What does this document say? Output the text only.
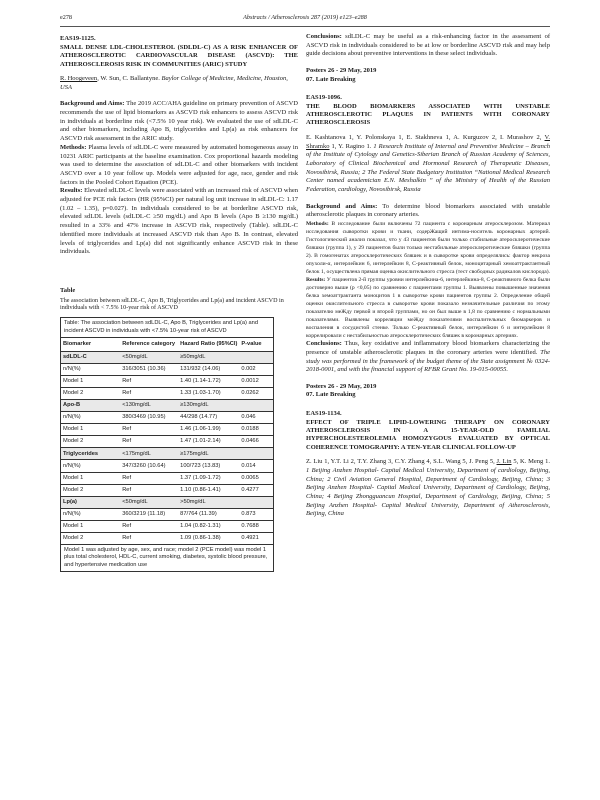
e278	Abstracts / Atherosclerosis 287 (2019) e123–e288
EAS19-1125.
SMALL DENSE LDL-CHOLESTEROL (SDLDL-C) AS A RISK ENHANCER OF ATHEROSCLEROTIC CARDIOVASCULAR DISEASE (ASCVD): THE ATHEROSCLEROSIS RISK IN COMMUNITIES (ARIC) STUDY
R. Hoogeveen, W. Sun, C. Ballantyne. Baylor College of Medicine, Medicine, Houston, USA

Background and Aims: The 2019 ACC/AHA guideline on primary prevention of ASCVD recommends the use of lipid biomarkers as ASCVD risk enhancers to assess ASCVD risk in individuals at borderline risk (<7.5% 10 year risk). We evaluated the use of sdLDL-C and other biomarkers, including Apo B, triglycerides and Lp(a) as risk enhancers for ASCVD risk assessment in the ARIC study.

Methods: Plasma levels of sdLDL-C were measured by automated homogeneous assay in 10231 ARIC participants at the baseline examination. Cox proportional hazards modeling was used to determine the association of sdLDL-C and other biomarkers with incident ASCVD over a 10 year follow up. Models were adjusted for age, race, gender and risk factors in the Pooled Cohort Equation (PCE).

Results: Elevated sdLDL-C levels were associated with an increased risk of ASCVD when adjusted for PCE risk factors (HR (95%CI) per natural log unit increase in sdLDL-C: 1.17 (1.02 – 1.35), p=0.027). In individuals considered to be at borderline ASCVD risk, elevated sdLDL levels (sdLDL-C ≥50 mg/dL) and Apo B levels (Apo B ≥130 mg/dL) resulted in a 33% and 47% increase in ASCVD risk, respectively (Table). sdLDL-C identified more individuals at increased ASCVD risk than Apo B. In contrast, elevated levels of triglycerides and Lp(a) did not significantly enhance ASCVD risk in these individuals.

Table
The association between sdLDL-C, Apo B, Triglycerides and Lp(a) and incident ASCVD in individuals with < 7.5% 10-year risk of ASCVD
Table: The association between sdLDL-C, Apo B, Triglycerides and Lp(a) and incident ASCVD in individuals with <7.5% 10-year risk of ASCVD
Biomarker	Reference category	Hazard Ratio (95%CI)	P-value
sdLDL-C	<50mg/dL	≥50mg/dL	
n/N(%)	316/3051 (10.36)	131/932 (14.06)	0.002
Model 1	Ref	1.40 (1.14-1.72)	0.0012
Model 2	Ref	1.33 (1.03-1.70)	0.0262
Apo-B	<130mg/dL	≥130mg/dL	
n/N(%)	380/3469 (10.95)	44/298 (14.77)	0.046
Model 1	Ref	1.46 (1.06-1.99)	0.0188
Model 2	Ref	1.47 (1.01-2.14)	0.0466
Triglycerides	<175mg/dL	≥175mg/dL	
n/N(%)	347/3260 (10.64)	100/723 (13.83)	0.014
Model 1	Ref	1.37 (1.09-1.72)	0.0065
Model 2	Ref	1.10 (0.86-1.41)	0.4277
Lp(a)	<50mg/dL	>50mg/dL	
n/N(%)	360/3219 (11.18)	87/764 (11.39)	0.873
Model 1	Ref	1.04 (0.82-1.31)	0.7688
Model 2	Ref	1.09 (0.86-1.38)	0.4921
Model 1 was adjusted by age, sex, and race; model 2 (PCE model) was model 1 plus total cholesterol, HDL-C, current smoking, diabetes, systolic blood pressure, and hypertensive medication use

Conclusions: sdLDL-C may be useful as a risk-enhancing factor in the assessment of ASCVD risk in individuals considered to be at low or borderline ASCVD risk and may help guide decisions about preventive interventions in these select individuals.

Posters 26 - 29 May, 2019
07. Late Breaking
EAS19-1096.
THE BLOOD BIOMARKERS ASSOCIATED WITH UNSTABLE ATHEROSCLEROTIC PLAQUES IN PATIENTS WITH CORONARY ATHEROSCLEROSIS
E. Kashtanova 1, Y. Polonskaya 1, E. Stakhneva 1, A. Kurguzov 2, I. Murashov 2, V. Shramko 1, Y. Ragino 1. 1 Research Institute of Internal and Preventive Medicine – Branch of the Institute of Cytology and Genetics-Siberian Branch of Russian Academy of Sciences, Laboratory of Clinical Biochemical and Hormonal Research of Therapeutic Diseases, Novosibirsk, Russia; 2 The Federal State Budgetary Institution “National Medical Research Center named academician E.N. Meshalkin ” of the Ministry of Health of the Russian Federation, cardiology, Novosibirsk, Russia

Background and Aims: To determine blood biomarkers associated with unstable atherosclerotic plaques in coronary arteries.

Methods: В исследование были включены 72 пациента с коронарным атеросклерозом. Материал исследования сыворотки крови и ткани, содерЖащий интима-носитель коронарных артерий. Гистологический анализ показал, что у 43 пациентов были только стабильные атеросклеротические бляшки (группа 1), у 29 пациентов были только нестабильные атеросклеротические бляшки (группа 2). В гомогенатах атеросклеротических бляшек и в сыворотке крови определялись: фактор некроза опухоли-α, интерлейкин 6, интерлейкин 8, С-реактивный белок, моноцитарный хемоаттрактантный белок 1, осуществлена прямая оценка окислительного стресса (тест свободных радикалов кислорода).

Results: У пациентов 2-й группы уровни интерлейкина-6, интерлейкина-8, С-реактивного белка были достоверно выше (p <0,05) по сравнению с пациентами группы 1. Выявлены повышенные значения белка хемоаттрактанта моноцитов 1 в сыворотке крови пациентов группы 2. Определение общей оценки окислительного стресса в сыворотке крови показало незначительные различия по этому показателю меЖду первой и второй группами, но он был выше в 1,8 по сравнению с нормальными показателями. Выявлены корреляции меЖду показателями воспалительных биомаркеров и воспаления в сосудистой стенке. Только С-реактивный белок, интерлейкин 6 и интерлейкин 8 коррелировали с нестабильностью атеросклеротических бляшек в коронарных артериях.

Conclusions: Thus, key oxidative and inflammatory blood biomarkers characterizing the presence of unstable atherosclerotic plaques in the coronary arteries were identified. The study was performed in the framework of the budget theme of the State assignment № 0324-2018-0001, and with the financial support of RFBR Grant No. 19-015-00055.

Posters 26 - 29 May, 2019
07. Late Breaking
EAS19-1134.
EFFECT OF TRIPLE LIPID-LOWERING THERAPY ON CORONARY ATHEROSCLEROSIS IN A 15-YEAR-OLD FAMILIAL HYPERCHOLESTEROLEMIA HOMOZYGOUS EVALUATED BY OPTICAL COHERENCE TOMOGRAPHY: A TEN-YEAR CLINICAL FOLLOW-UP
Z. Liu 1, Y.T. Li 2, T.Y. Zhang 3, C.Y. Zhang 4, S.L. Wang 5, J. Peng 5, J. Lin 5, K. Meng 1. 1 Beijing Anzhen Hospital- Capital Medical University, Department of cardiology, Beijing, China; 2 Civil Aviation General Hospital, Department of Cardiology, Beijing, China; 3 Beijing Anzhen Hospital- Capital Medical University, Department of Cardiology, Beijing, China; 4 Beijing Zhongguancun Hospital, Department of Cardiology, Beijing, China; 5 Beijing Anzhen Hospital- Capital Medical University, Department of Atherosclerosis, Beijing, China
